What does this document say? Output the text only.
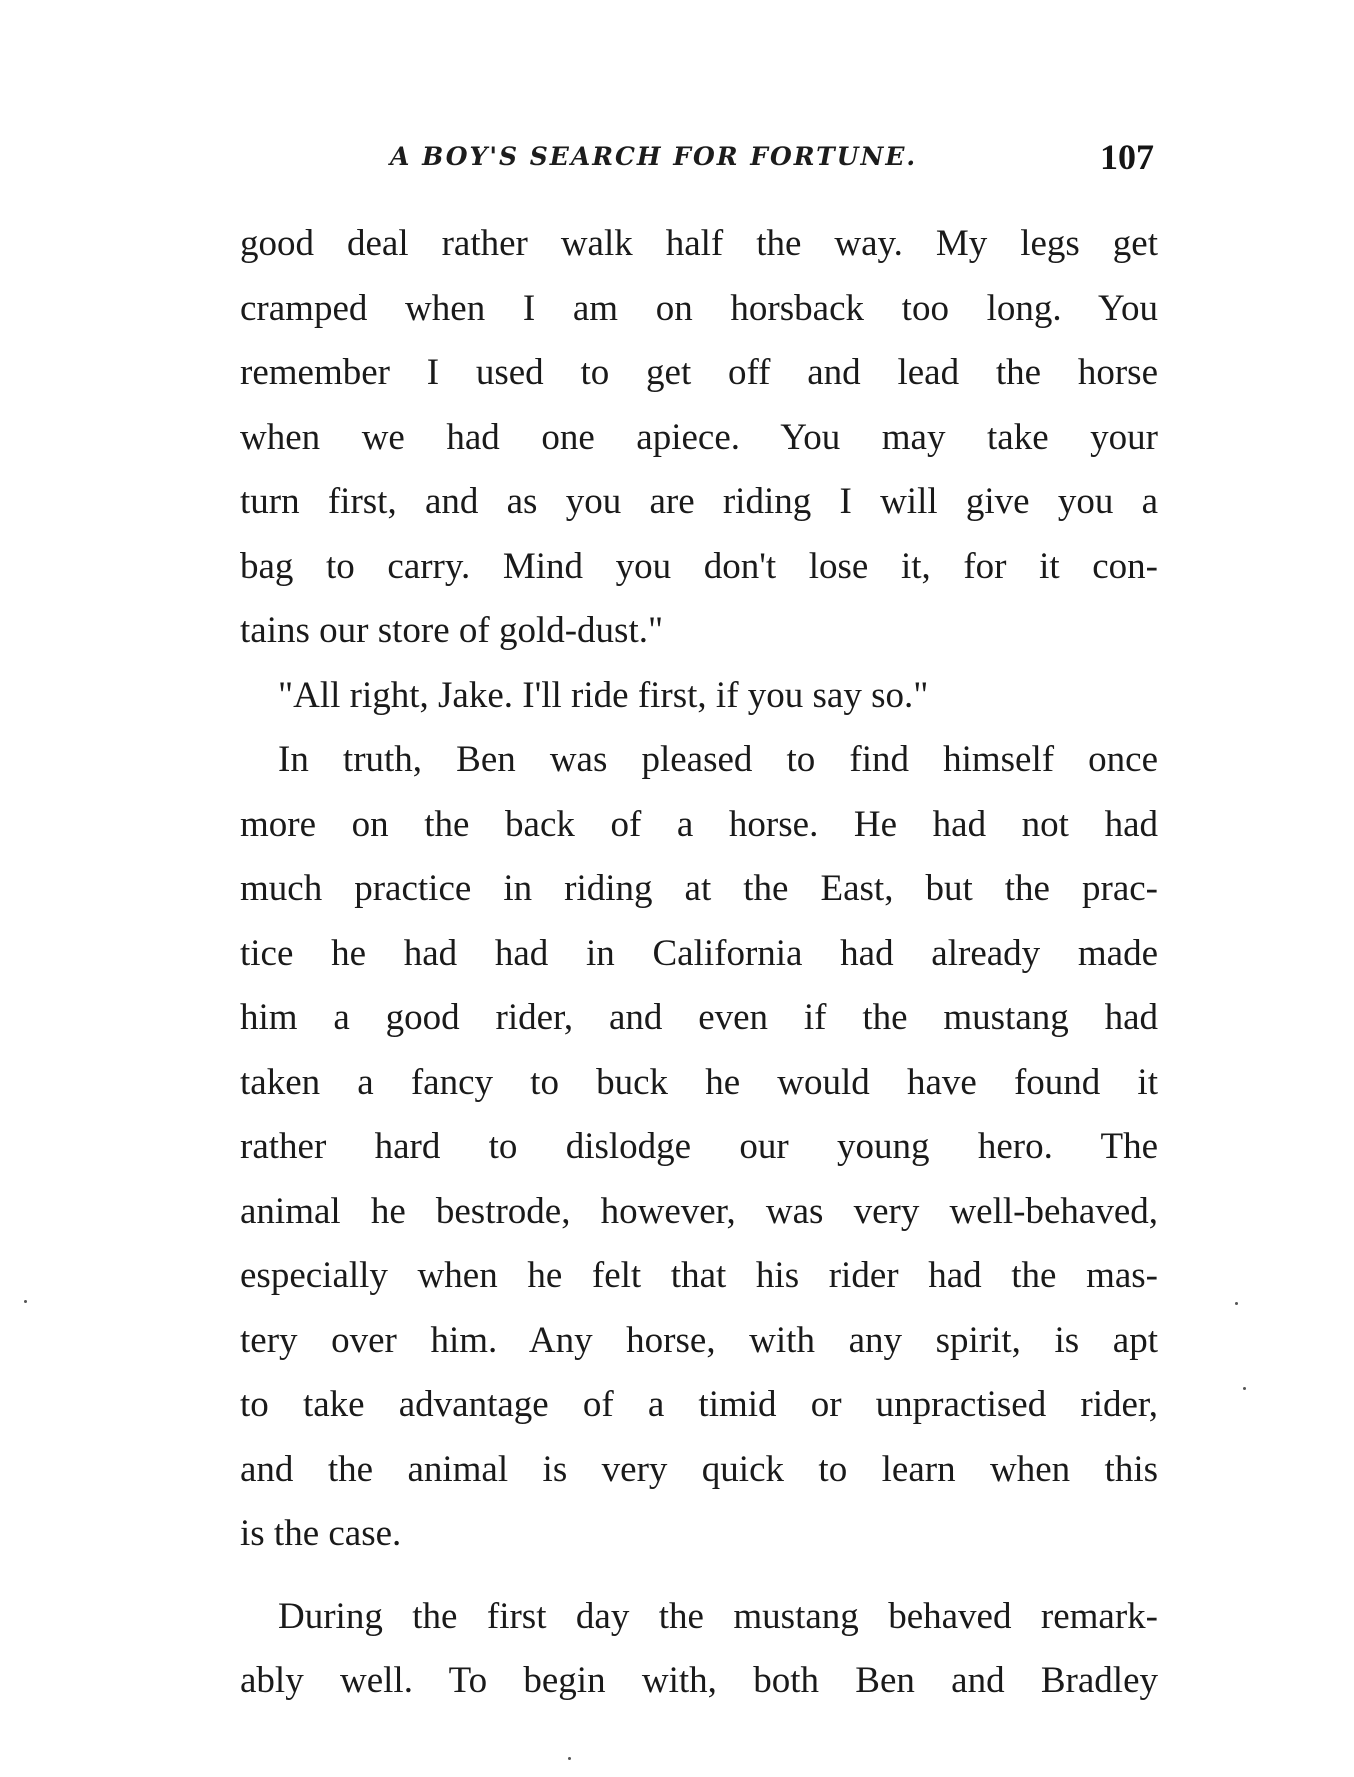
A BOY'S SEARCH FOR FORTUNE.	107
good deal rather walk half the way. My legs get
cramped when I am on horsback too long. You
remember I used to get off and lead the horse
when we had one apiece. You may take your
turn first, and as you are riding I will give you a
bag to carry. Mind you don't lose it, for it con-
tains our store of gold-dust."
"All right, Jake. I'll ride first, if you say so."
In truth, Ben was pleased to find himself once
more on the back of a horse. He had not had
much practice in riding at the East, but the prac-
tice he had had in California had already made
him a good rider, and even if the mustang had
taken a fancy to buck he would have found it
rather hard to dislodge our young hero. The
animal he bestrode, however, was very well-behaved,
especially when he felt that his rider had the mas-
tery over him. Any horse, with any spirit, is apt
to take advantage of a timid or unpractised rider,
and the animal is very quick to learn when this
is the case.
During the first day the mustang behaved remark-
ably well. To begin with, both Ben and Bradley
